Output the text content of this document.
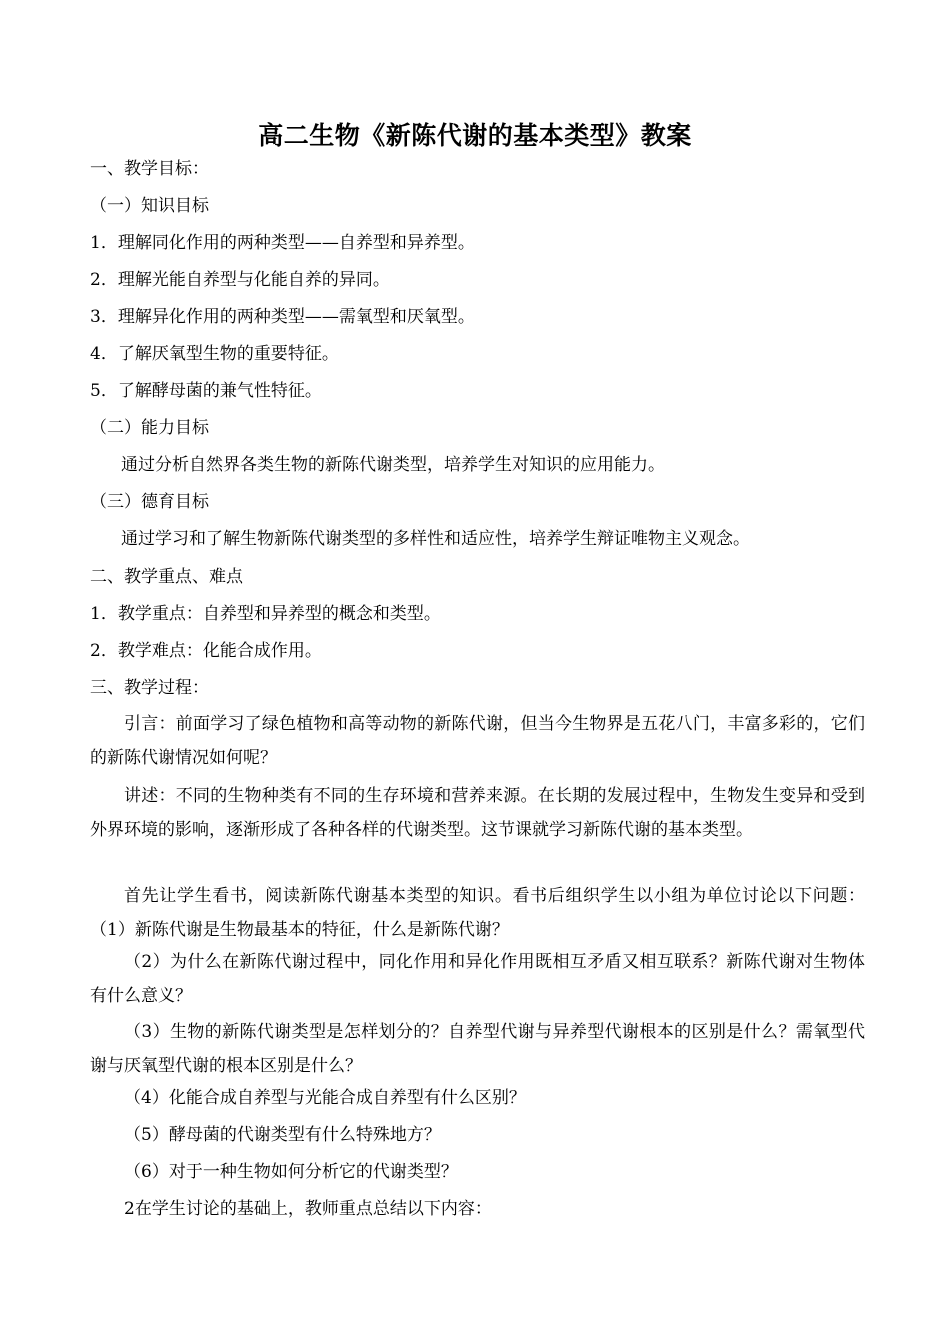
高二生物《新陈代谢的基本类型》教案
一、教学目标：
（一）知识目标
1．理解同化作用的两种类型——自养型和异养型。
2．理解光能自养型与化能自养的异同。
3．理解异化作用的两种类型——需氧型和厌氧型。
4．了解厌氧型生物的重要特征。
5．了解酵母菌的兼气性特征。
（二）能力目标
通过分析自然界各类生物的新陈代谢类型，培养学生对知识的应用能力。
（三）德育目标
通过学习和了解生物新陈代谢类型的多样性和适应性，培养学生辩证唯物主义观念。
二、教学重点、难点
1．教学重点：自养型和异养型的概念和类型。
2．教学难点：化能合成作用。
三、教学过程：
引言：前面学习了绿色植物和高等动物的新陈代谢，但当今生物界是五花八门，丰富多彩的，它们的新陈代谢情况如何呢？
讲述：不同的生物种类有不同的生存环境和营养来源。在长期的发展过程中，生物发生变异和受到外界环境的影响，逐渐形成了各种各样的代谢类型。这节课就学习新陈代谢的基本类型。
首先让学生看书，阅读新陈代谢基本类型的知识。看书后组织学生以小组为单位讨论以下问题：（1）新陈代谢是生物最基本的特征，什么是新陈代谢？
（2）为什么在新陈代谢过程中，同化作用和异化作用既相互矛盾又相互联系？新陈代谢对生物体有什么意义？
（3）生物的新陈代谢类型是怎样划分的？自养型代谢与异养型代谢根本的区别是什么？需氧型代谢与厌氧型代谢的根本区别是什么？
（4）化能合成自养型与光能合成自养型有什么区别？
（5）酵母菌的代谢类型有什么特殊地方？
（6）对于一种生物如何分析它的代谢类型？
2在学生讨论的基础上，教师重点总结以下内容：
